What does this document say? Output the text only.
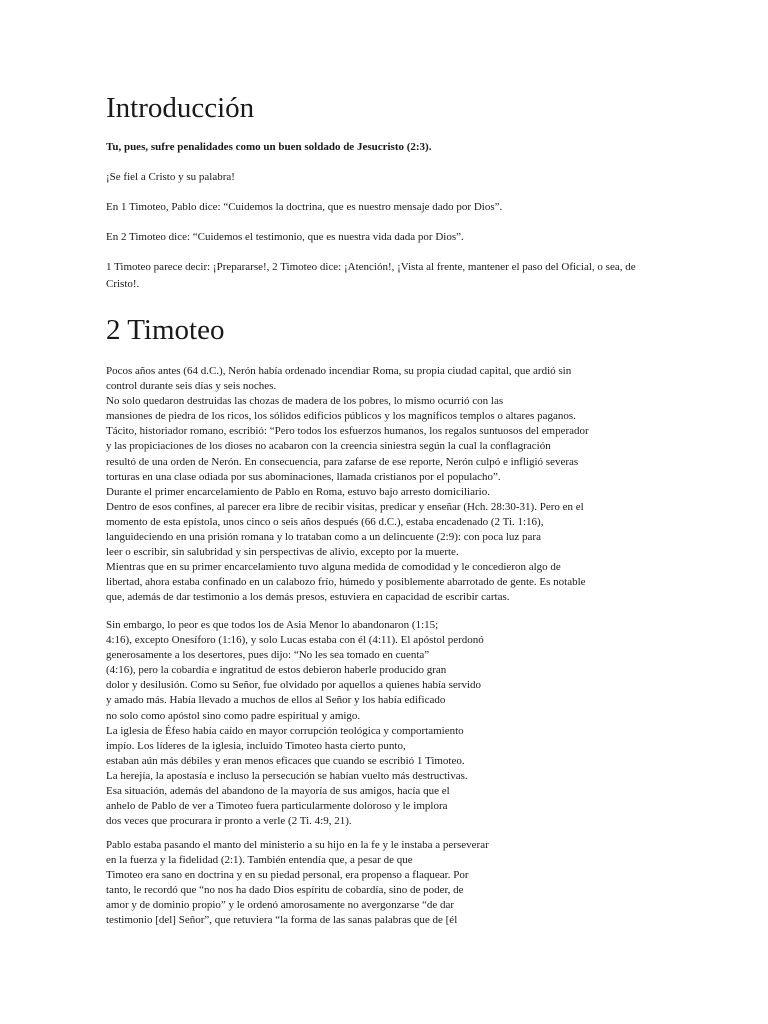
Introducción

Tu, pues, sufre penalidades como un buen soldado de Jesucristo (2:3).

¡Se fiel a Cristo y su palabra!

En 1 Timoteo, Pablo dice: “Cuidemos la doctrina, que es nuestro mensaje dado por Dios”.

En 2 Timoteo dice: “Cuidemos el testimonio, que es nuestra vida dada por Dios”.

1 Timoteo parece decir: ¡Prepararse!, 2 Timoteo dice: ¡Atención!, ¡Vista al frente, mantener el paso del Oficial, o sea, de Cristo!.

2 Timoteo
Pocos años antes (64 d.C.), Nerón había ordenado incendiar Roma, su propia ciudad capital, que ardió sin
control durante seis días y seis noches.
No solo quedaron destruidas las chozas de madera de los pobres, lo mismo ocurrió con las
mansiones de piedra de los ricos, los sólidos edificios públicos y los magníficos templos o altares paganos.
Tácito, historiador romano, escribió: “Pero todos los esfuerzos humanos, los regalos suntuosos del emperador
y las propiciaciones de los dioses no acabaron con la creencia siniestra según la cual la conflagración
resultó de una orden de Nerón. En consecuencia, para zafarse de ese reporte, Nerón culpó e infligió severas
torturas en una clase odiada por sus abominaciones, llamada cristianos por el populacho”.
Durante el primer encarcelamiento de Pablo en Roma, estuvo bajo arresto domiciliario.
Dentro de esos confines, al parecer era libre de recibir visitas, predicar y enseñar (Hch. 28:30-31). Pero en el
momento de esta epístola, unos cinco o seis años después (66 d.C.), estaba encadenado (2 Ti. 1:16),
languideciendo en una prisión romana y lo trataban como a un delincuente (2:9): con poca luz para
leer o escribir, sin salubridad y sin perspectivas de alivio, excepto por la muerte.
Mientras que en su primer encarcelamiento tuvo alguna medida de comodidad y le concedieron algo de
libertad, ahora estaba confinado en un calabozo frío, húmedo y posiblemente abarrotado de gente. Es notable
que, además de dar testimonio a los demás presos, estuviera en capacidad de escribir cartas.
Sin embargo, lo peor es que todos los de Asia Menor lo abandonaron (1:15;
4:16), excepto Onesíforo (1:16), y solo Lucas estaba con él (4:11). El apóstol perdonó
generosamente a los desertores, pues dijo: “No les sea tomado en cuenta”
(4:16), pero la cobardía e ingratitud de estos debieron haberle producido gran
dolor y desilusión. Como su Señor, fue olvidado por aquellos a quienes había servido
y amado más. Había llevado a muchos de ellos al Señor y los había edificado
no solo como apóstol sino como padre espiritual y amigo.
La iglesia de Éfeso había caído en mayor corrupción teológica y comportamiento
impío. Los líderes de la iglesia, incluido Timoteo hasta cierto punto,
estaban aún más débiles y eran menos eficaces que cuando se escribió 1 Timoteo.
La herejía, la apostasía e incluso la persecución se habían vuelto más destructivas.
Esa situación, además del abandono de la mayoría de sus amigos, hacía que el
anhelo de Pablo de ver a Timoteo fuera particularmente doloroso y le implora
dos veces que procurara ir pronto a verle (2 Ti. 4:9, 21).
Pablo estaba pasando el manto del ministerio a su hijo en la fe y le instaba a perseverar
en la fuerza y la fidelidad (2:1). También entendía que, a pesar de que
Timoteo era sano en doctrina y en su piedad personal, era propenso a flaquear. Por
tanto, le recordó que “no nos ha dado Dios espíritu de cobardía, sino de poder, de
amor y de dominio propio” y le ordenó amorosamente no avergonzarse “de dar
testimonio [del] Señor”, que retuviera “la forma de las sanas palabras que de [él
